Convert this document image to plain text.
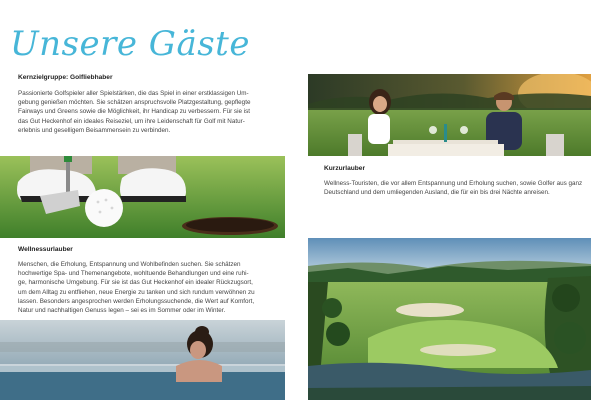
Unsere Gäste
Kernzielgruppe: Golfliebhaber
Passionierte Golfspieler aller Spielstärken, die das Spiel in einer erstklassigen Um-
gebung genießen möchten. Sie schätzen anspruchsvolle Platzgestaltung, gepflegte
Fairways und Greens sowie die Möglichkeit, ihr Handicap zu verbessern. Für sie ist
das Gut Heckenhof ein ideales Reiseziel, um ihre Leidenschaft für Golf mit Natur-
erlebnis und geselligem Beisammensein zu verbinden.
Kurzurlauber
Wellness-Touristen, die vor allem Entspannung und Erholung suchen, sowie Golfer aus ganz
Deutschland und dem umliegenden Ausland, die für ein bis drei Nächte anreisen.
Wellnessurlauber
Menschen, die Erholung, Entspannung und Wohlbefinden suchen. Sie schätzen
hochwertige Spa- und Themenangebote, wohltuende Behandlungen und eine ruhi-
ge, harmonische Umgebung. Für sie ist das Gut Heckenhof ein idealer Rückzugsort,
um dem Alltag zu entfliehen, neue Energie zu tanken und sich rundum verwöhnen zu
lassen. Besonders angesprochen werden Erholungssuchende, die Wert auf Komfort,
Natur und nachhaltigen Genuss legen – sei es im Sommer oder im Winter.
